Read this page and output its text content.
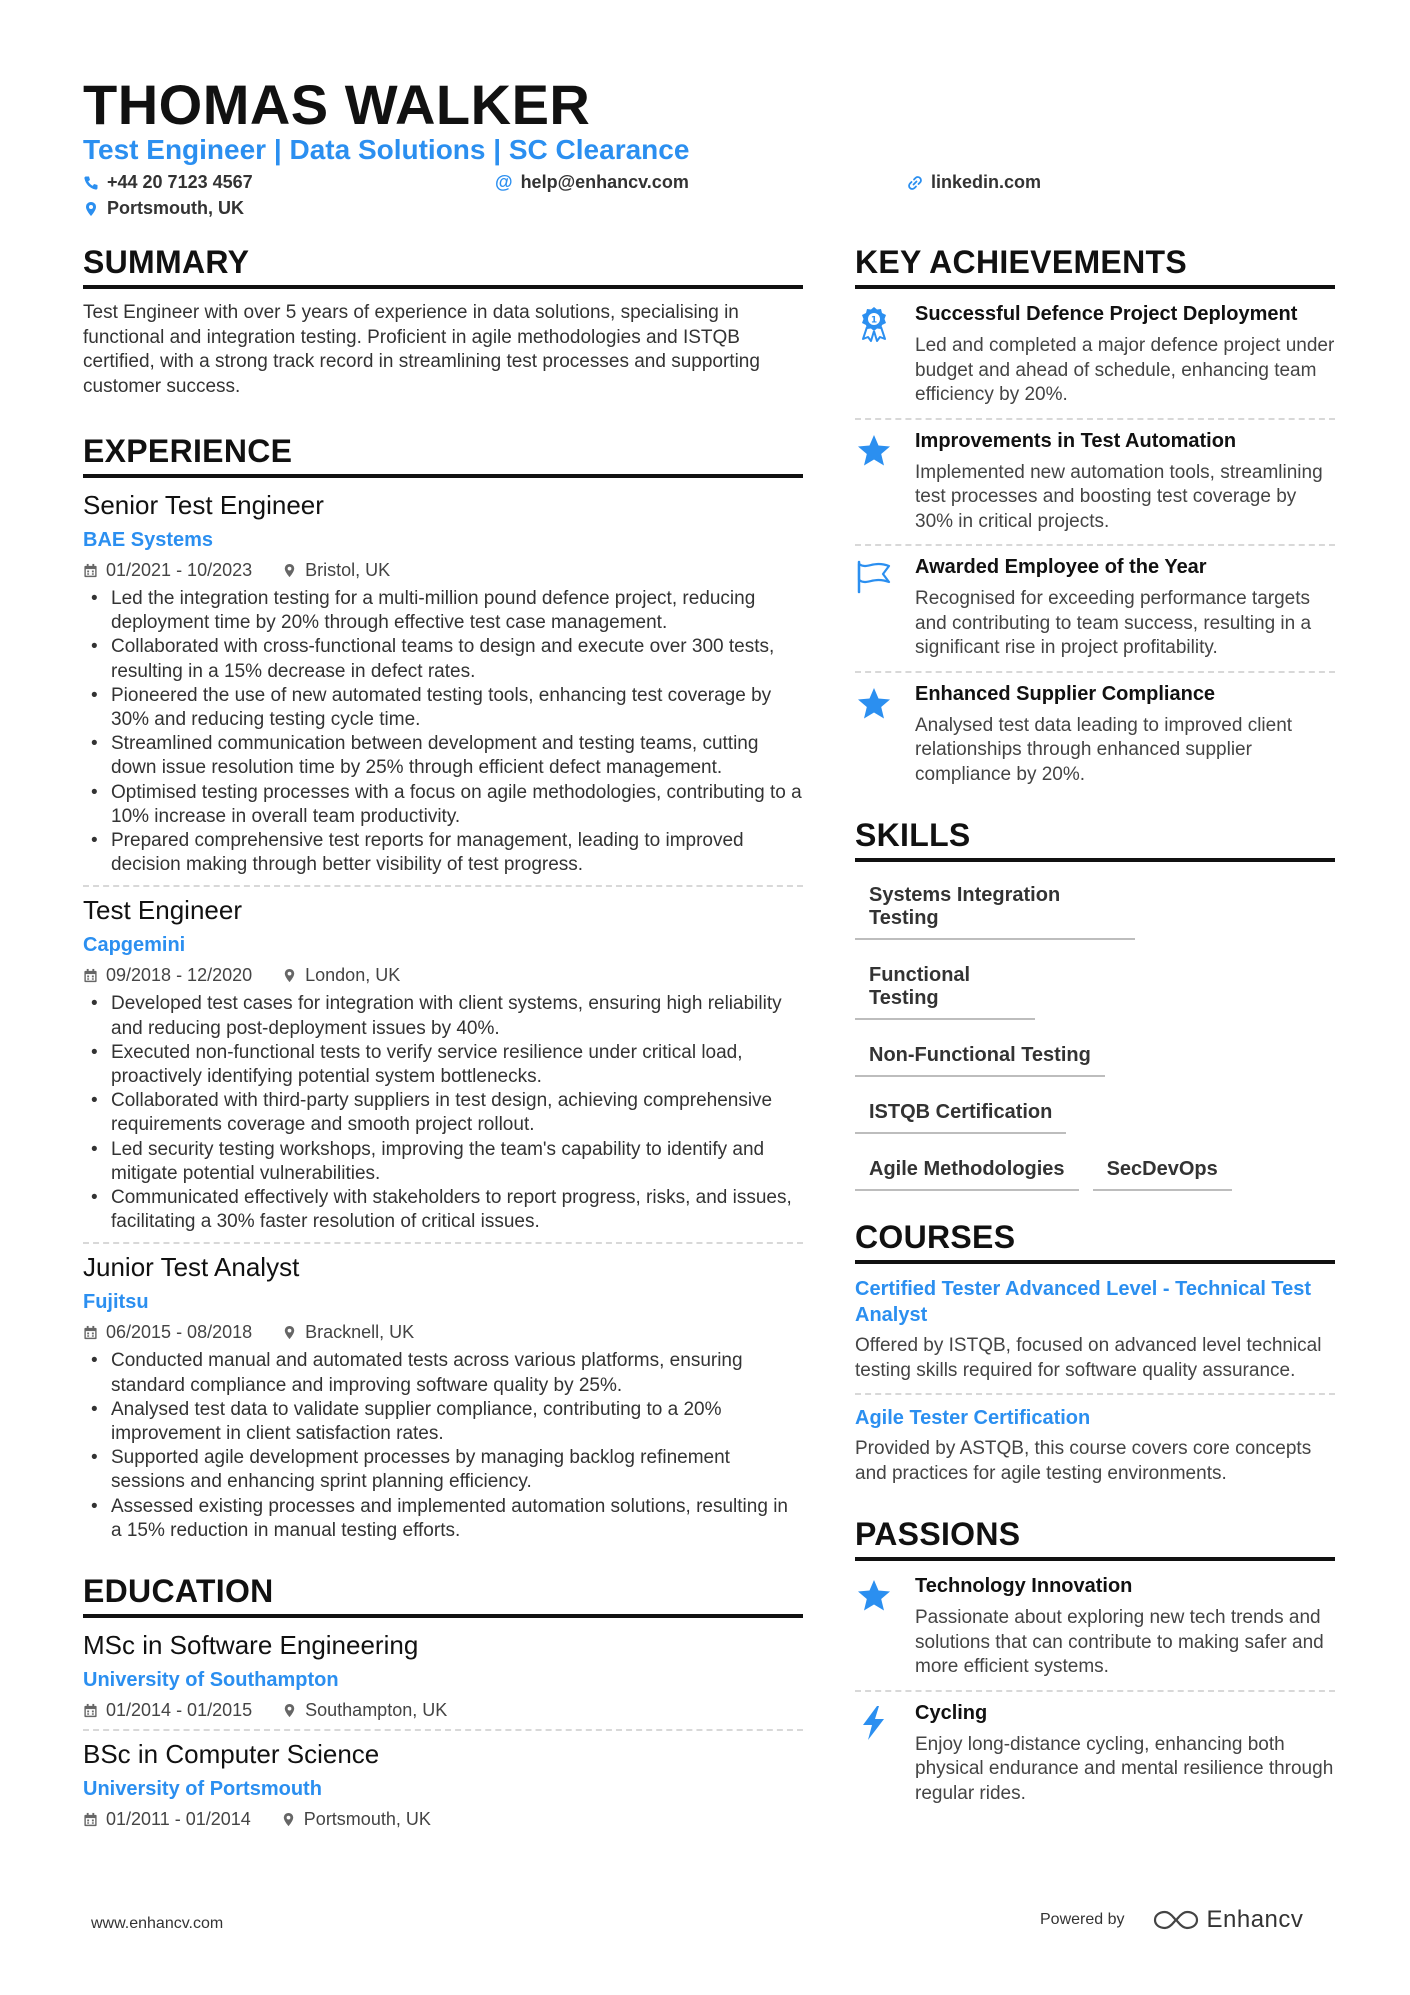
THOMAS WALKER
Test Engineer | Data Solutions | SC Clearance
+44 20 7123 4567	@ help@enhancv.com	linkedin.com
Portsmouth, UK
SUMMARY
Test Engineer with over 5 years of experience in data solutions, specialising in functional and integration testing. Proficient in agile methodologies and ISTQB certified, with a strong track record in streamlining test processes and supporting customer success.
EXPERIENCE
Senior Test Engineer
BAE Systems
01/2021 - 10/2023	Bristol, UK
• Led the integration testing for a multi-million pound defence project, reducing deployment time by 20% through effective test case management.
• Collaborated with cross-functional teams to design and execute over 300 tests, resulting in a 15% decrease in defect rates.
• Pioneered the use of new automated testing tools, enhancing test coverage by 30% and reducing testing cycle time.
• Streamlined communication between development and testing teams, cutting down issue resolution time by 25% through efficient defect management.
• Optimised testing processes with a focus on agile methodologies, contributing to a 10% increase in overall team productivity.
• Prepared comprehensive test reports for management, leading to improved decision making through better visibility of test progress.
Test Engineer
Capgemini
09/2018 - 12/2020	London, UK
• Developed test cases for integration with client systems, ensuring high reliability and reducing post-deployment issues by 40%.
• Executed non-functional tests to verify service resilience under critical load, proactively identifying potential system bottlenecks.
• Collaborated with third-party suppliers in test design, achieving comprehensive requirements coverage and smooth project rollout.
• Led security testing workshops, improving the team's capability to identify and mitigate potential vulnerabilities.
• Communicated effectively with stakeholders to report progress, risks, and issues, facilitating a 30% faster resolution of critical issues.
Junior Test Analyst
Fujitsu
06/2015 - 08/2018	Bracknell, UK
• Conducted manual and automated tests across various platforms, ensuring standard compliance and improving software quality by 25%.
• Analysed test data to validate supplier compliance, contributing to a 20% improvement in client satisfaction rates.
• Supported agile development processes by managing backlog refinement sessions and enhancing sprint planning efficiency.
• Assessed existing processes and implemented automation solutions, resulting in a 15% reduction in manual testing efforts.
EDUCATION
MSc in Software Engineering
University of Southampton
01/2014 - 01/2015	Southampton, UK
BSc in Computer Science
University of Portsmouth
01/2011 - 01/2014	Portsmouth, UK
KEY ACHIEVEMENTS
1 Successful Defence Project Deployment
Led and completed a major defence project under budget and ahead of schedule, enhancing team efficiency by 20%.
Improvements in Test Automation
Implemented new automation tools, streamlining test processes and boosting test coverage by 30% in critical projects.
Awarded Employee of the Year
Recognised for exceeding performance targets and contributing to team success, resulting in a significant rise in project profitability.
Enhanced Supplier Compliance
Analysed test data leading to improved client relationships through enhanced supplier compliance by 20%.
SKILLS
Systems Integration Testing
Functional Testing
Non-Functional Testing
ISTQB Certification
Agile Methodologies	SecDevOps
COURSES
Certified Tester Advanced Level - Technical Test Analyst
Offered by ISTQB, focused on advanced level technical testing skills required for software quality assurance.
Agile Tester Certification
Provided by ASTQB, this course covers core concepts and practices for agile testing environments.
PASSIONS
Technology Innovation
Passionate about exploring new tech trends and solutions that can contribute to making safer and more efficient systems.
Cycling
Enjoy long-distance cycling, enhancing both physical endurance and mental resilience through regular rides.
www.enhancv.com	Powered by	Enhancv
